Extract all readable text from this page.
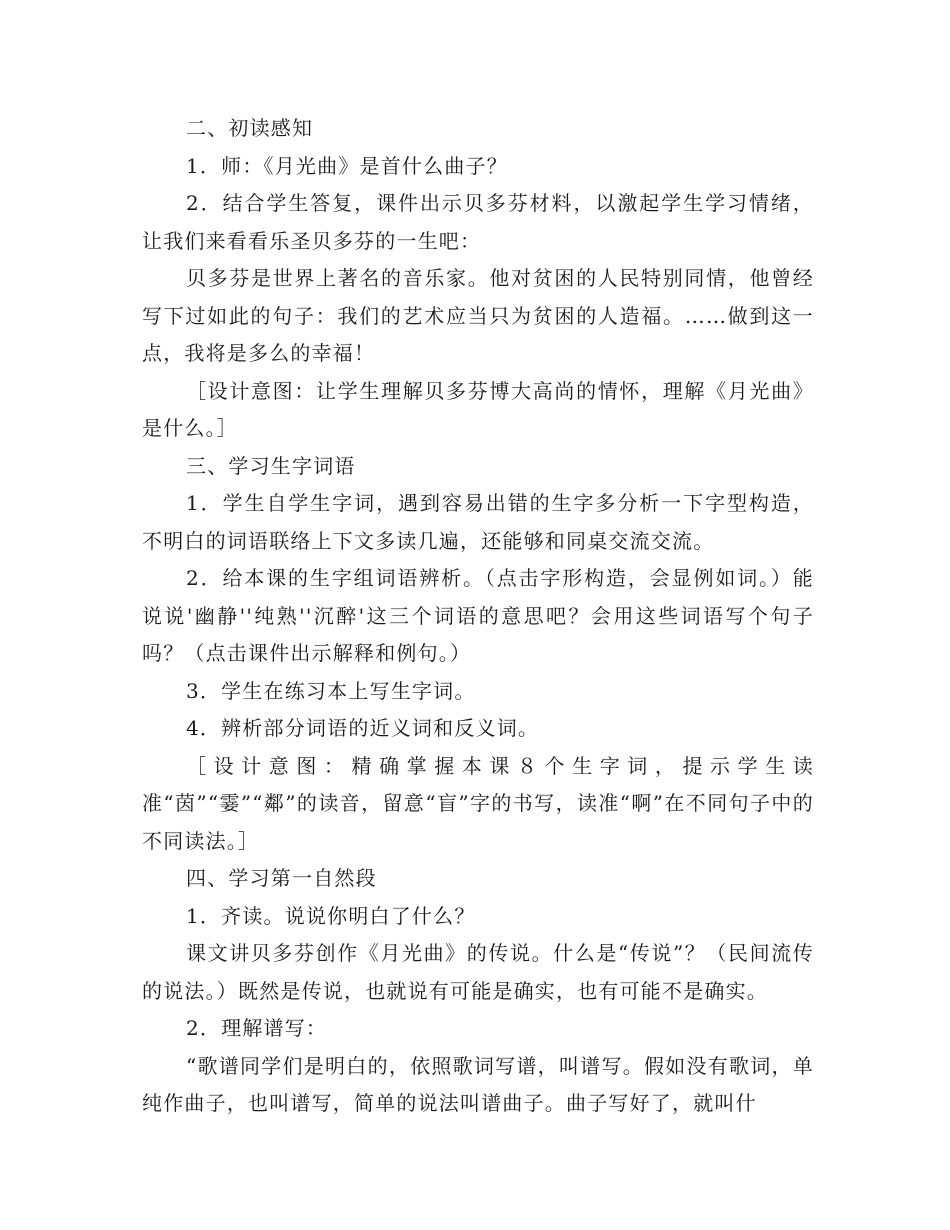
二、初读感知

1．师：《月光曲》是首什么曲子？

2．结合学生答复，课件出示贝多芬材料，以激起学生学习情绪，让我们来看看乐圣贝多芬的一生吧：

贝多芬是世界上著名的音乐家。他对贫困的人民特别同情，他曾经写下过如此的句子：我们的艺术应当只为贫困的人造福。……做到这一点，我将是多么的幸福！

［设计意图：让学生理解贝多芬博大高尚的情怀，理解《月光曲》是什么。］

三、学习生字词语

1．学生自学生字词，遇到容易出错的生字多分析一下字型构造，不明白的词语联络上下文多读几遍，还能够和同桌交流交流。

2．给本课的生字组词语辨析。（点击字形构造，会显例如词。）能说说'幽静''纯熟''沉醉'这三个词语的意思吧？会用这些词语写个句子吗？（点击课件出示解释和例句。）

3．学生在练习本上写生字词。

4．辨析部分词语的近义词和反义词。

［设计意图：精确掌握本课８个生字词，提示学生读准“茵”“霎”“鄰”的读音，留意“盲”字的书写，读准“啊”在不同句子中的不同读法。］

四、学习第一自然段

1．齐读。说说你明白了什么？

课文讲贝多芬创作《月光曲》的传说。什么是“传说”？（民间流传的说法。）既然是传说，也就说有可能是确实，也有可能不是确实。

2．理解谱写：

“歌谱同学们是明白的，依照歌词写谱，叫谱写。假如没有歌词，单纯作曲子，也叫谱写，简单的说法叫谱曲子。曲子写好了，就叫什
